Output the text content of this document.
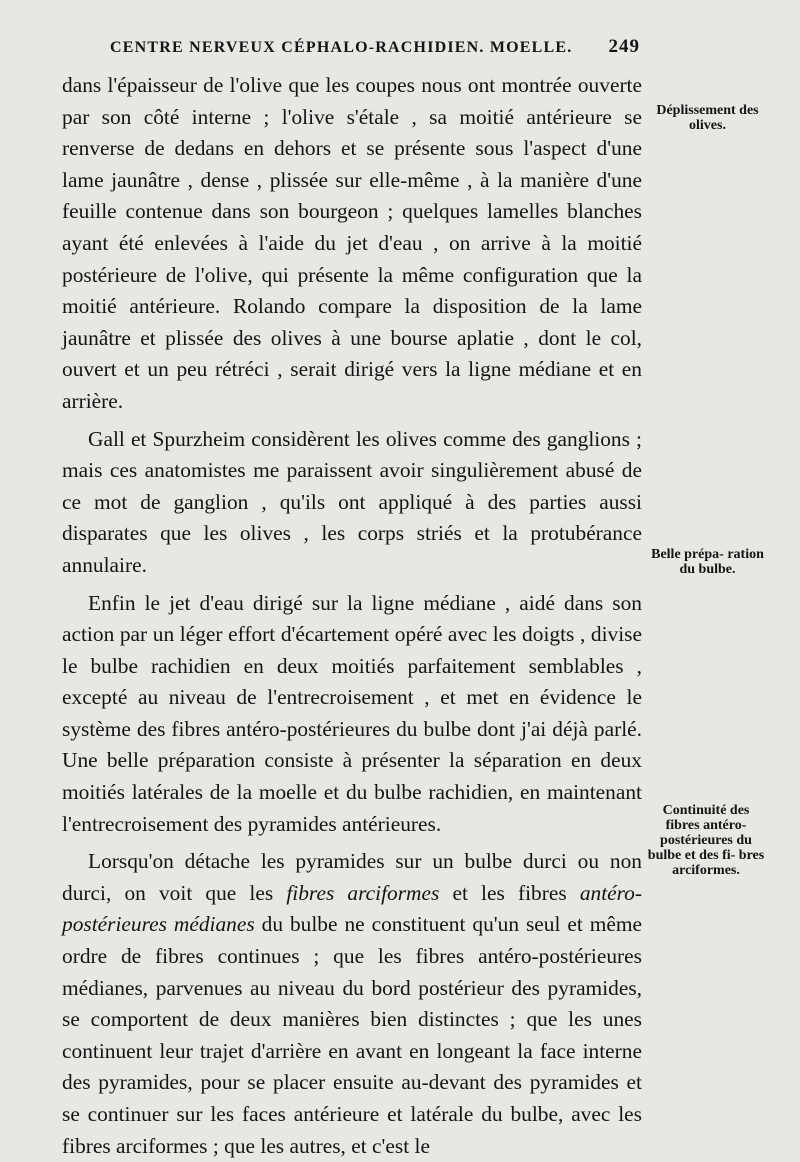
CENTRE NERVEUX CÉPHALO-RACHIDIEN. MOELLE. 249
Déplissement des olives.
Belle prépa- ration du bulbe.
Continuité des fibres antéro- postérieures du bulbe et des fi- bres arciformes.

dans l'épaisseur de l'olive que les coupes nous ont montrée ouverte par son côté interne ; l'olive s'étale , sa moitié antérieure se renverse de dedans en dehors et se présente sous l'aspect d'une lame jaunâtre , dense , plissée sur elle-même , à la manière d'une feuille contenue dans son bourgeon ; quelques lamelles blanches ayant été enlevées à l'aide du jet d'eau , on arrive à la moitié postérieure de l'olive, qui présente la même configuration que la moitié antérieure. Rolando compare la disposition de la lame jaunâtre et plissée des olives à une bourse aplatie , dont le col, ouvert et un peu rétréci , serait dirigé vers la ligne médiane et en arrière.

Gall et Spurzheim considèrent les olives comme des ganglions ; mais ces anatomistes me paraissent avoir singulièrement abusé de ce mot de ganglion , qu'ils ont appliqué à des parties aussi disparates que les olives , les corps striés et la protubérance annulaire.

Enfin le jet d'eau dirigé sur la ligne médiane , aidé dans son action par un léger effort d'écartement opéré avec les doigts , divise le bulbe rachidien en deux moitiés parfaitement semblables , excepté au niveau de l'entrecroisement , et met en évidence le système des fibres antéro-postérieures du bulbe dont j'ai déjà parlé. Une belle préparation consiste à présenter la séparation en deux moitiés latérales de la moelle et du bulbe rachidien, en maintenant l'entrecroisement des pyramides antérieures.

Lorsqu'on détache les pyramides sur un bulbe durci ou non durci, on voit que les fibres arciformes et les fibres antéro-postérieures médianes du bulbe ne constituent qu'un seul et même ordre de fibres continues ; que les fibres antéro-postérieures médianes, parvenues au niveau du bord postérieur des pyramides, se comportent de deux manières bien distinctes ; que les unes continuent leur trajet d'arrière en avant en longeant la face interne des pyramides, pour se placer ensuite au-devant des pyramides et se continuer sur les faces antérieure et latérale du bulbe, avec les fibres arciformes ; que les autres, et c'est le
